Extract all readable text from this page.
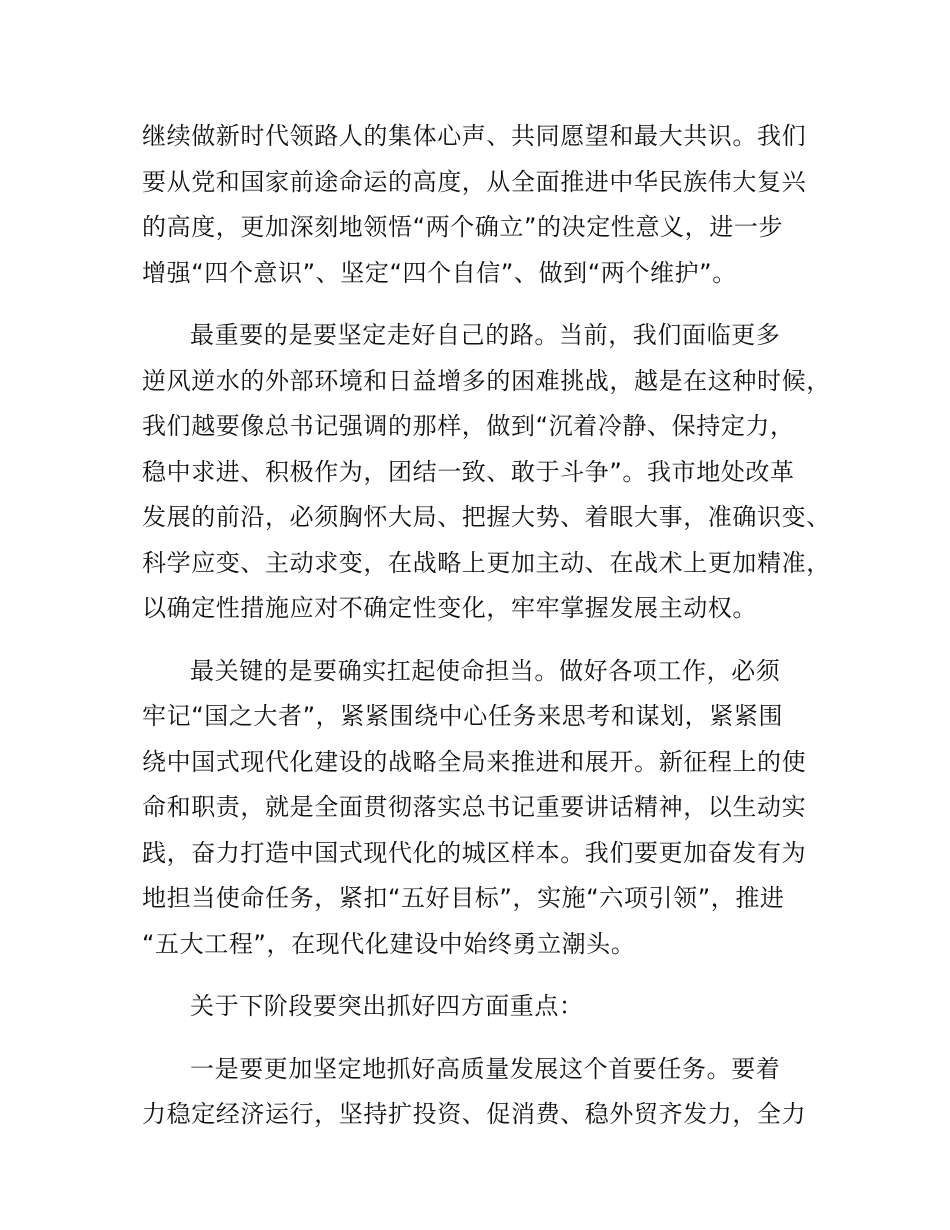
继续做新时代领路人的集体心声、共同愿望和最大共识。我们
要从党和国家前途命运的高度，从全面推进中华民族伟大复兴
的高度，更加深刻地领悟“两个确立”的决定性意义，进一步
增强“四个意识”、坚定“四个自信”、做到“两个维护”。
最重要的是要坚定走好自己的路。当前，我们面临更多
逆风逆水的外部环境和日益增多的困难挑战，越是在这种时候，
我们越要像总书记强调的那样，做到“沉着冷静、保持定力，
稳中求进、积极作为，团结一致、敢于斗争”。我市地处改革
发展的前沿，必须胸怀大局、把握大势、着眼大事，准确识变、
科学应变、主动求变，在战略上更加主动、在战术上更加精准，
以确定性措施应对不确定性变化，牢牢掌握发展主动权。
最关键的是要确实扛起使命担当。做好各项工作，必须
牢记“国之大者”，紧紧围绕中心任务来思考和谋划，紧紧围
绕中国式现代化建设的战略全局来推进和展开。新征程上的使
命和职责，就是全面贯彻落实总书记重要讲话精神，以生动实
践，奋力打造中国式现代化的城区样本。我们要更加奋发有为
地担当使命任务，紧扣“五好目标”，实施“六项引领”，推进
“五大工程”，在现代化建设中始终勇立潮头。
关于下阶段要突出抓好四方面重点：
一是要更加坚定地抓好高质量发展这个首要任务。要着
力稳定经济运行，坚持扩投资、促消费、稳外贸齐发力，全力
